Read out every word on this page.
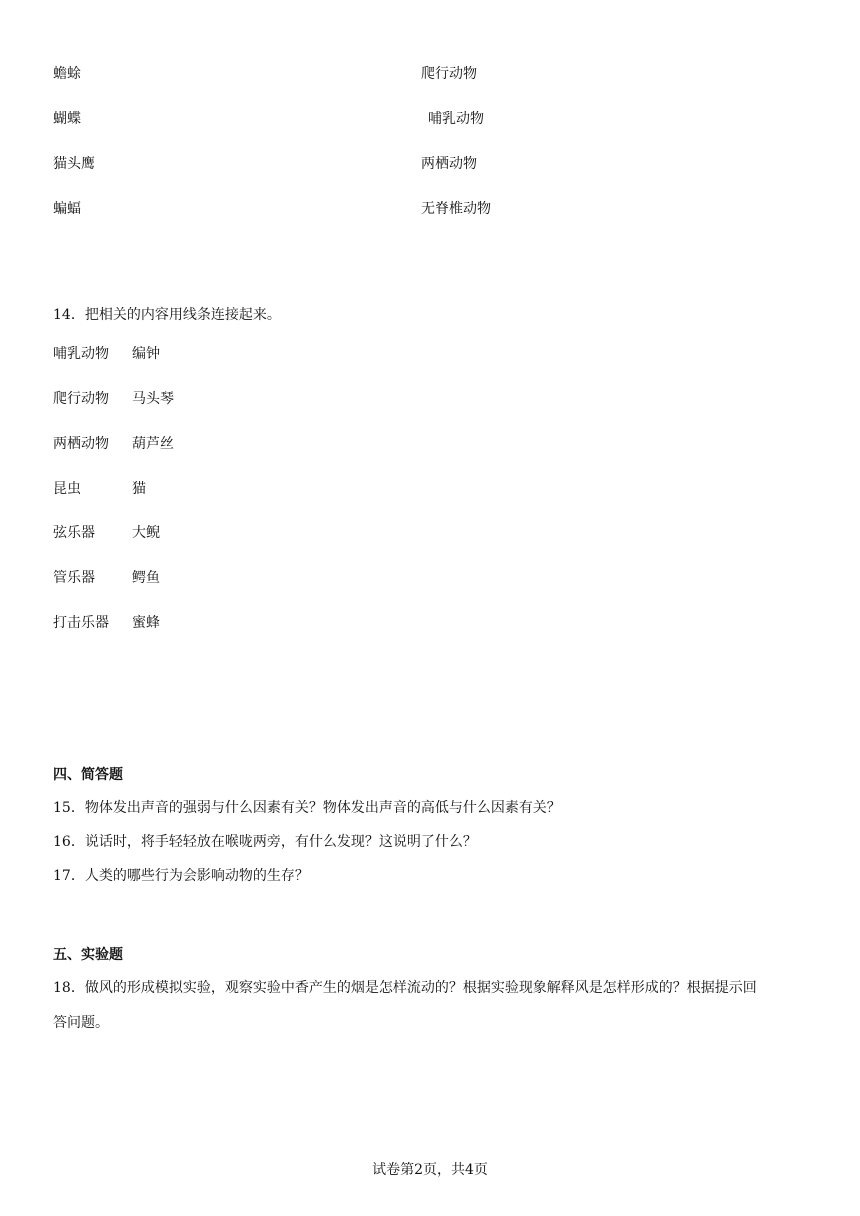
蟾蜍
蝴蝶
猫头鹰
蝙蝠
爬行动物
哺乳动物
两栖动物
无脊椎动物
14．把相关的内容用线条连接起来。
哺乳动物
爬行动物
两栖动物
昆虫
弦乐器
管乐器
打击乐器
编钟
马头琴
葫芦丝
猫
大鲵
鳄鱼
蜜蜂
四、简答题
15．物体发出声音的强弱与什么因素有关？物体发出声音的高低与什么因素有关？
16．说话时，将手轻轻放在喉咙两旁，有什么发现？这说明了什么？
17．人类的哪些行为会影响动物的生存？
五、实验题
18．做风的形成模拟实验，观察实验中香产生的烟是怎样流动的？根据实验现象解释风是怎样形成的？根据提示回
答问题。
试卷第2页，共4页
